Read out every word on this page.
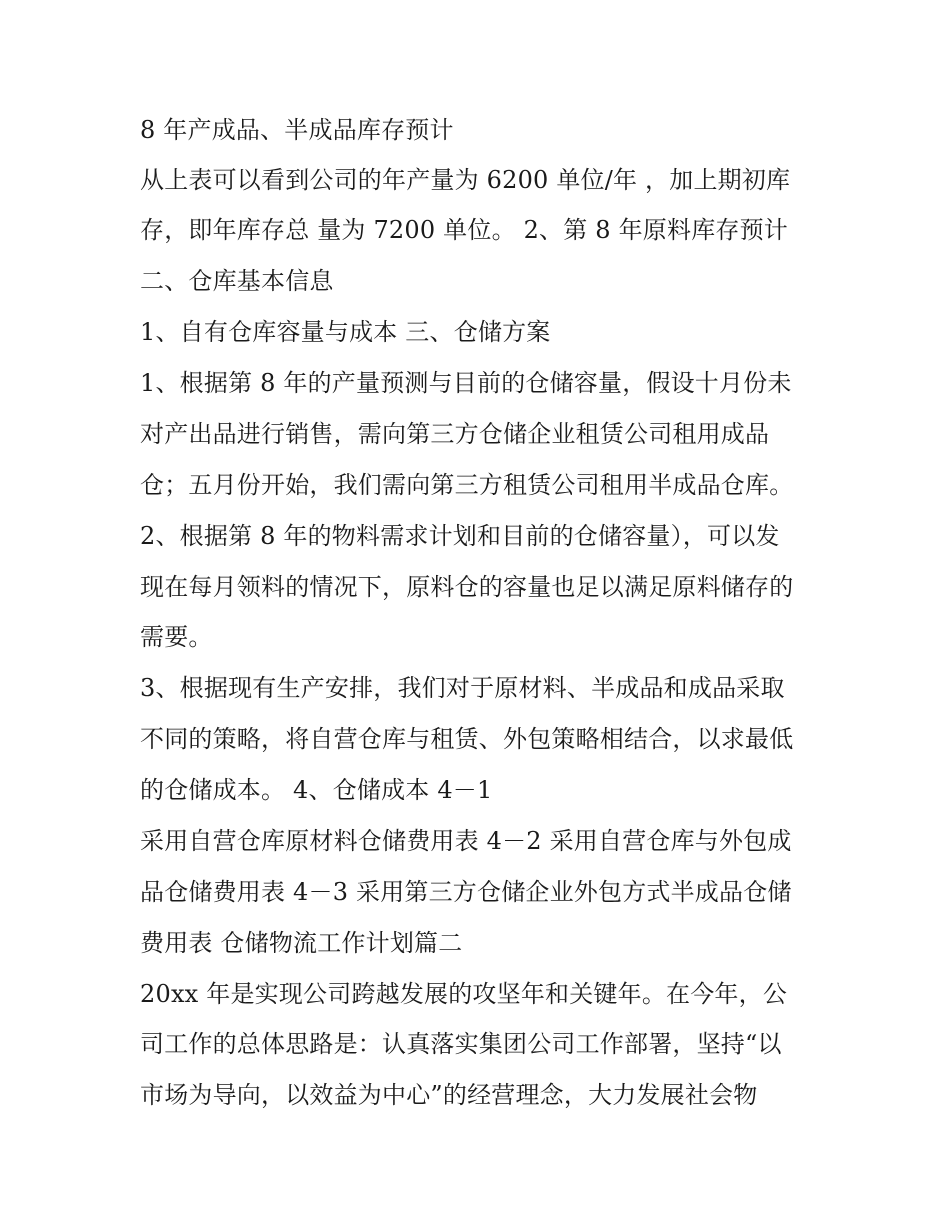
8 年产成品、半成品库存预计
从上表可以看到公司的年产量为 6200 单位/年 ，加上期初库
存，即年库存总 量为 7200 单位。 2、第 8 年原料库存预计
二、仓库基本信息
1、自有仓库容量与成本 三、仓储方案
1、根据第 8 年的产量预测与目前的仓储容量，假设十月份未
对产出品进行销售，需向第三方仓储企业租赁公司租用成品
仓；五月份开始，我们需向第三方租赁公司租用半成品仓库。
2、根据第 8 年的物料需求计划和目前的仓储容量），可以发
现在每月领料的情况下，原料仓的容量也足以满足原料储存的
需要。
3、根据现有生产安排，我们对于原材料、半成品和成品采取
不同的策略，将自营仓库与租赁、外包策略相结合，以求最低
的仓储成本。 4、仓储成本 4－1
采用自营仓库原材料仓储费用表 4－2 采用自营仓库与外包成
品仓储费用表 4－3 采用第三方仓储企业外包方式半成品仓储
费用表 仓储物流工作计划篇二
20xx 年是实现公司跨越发展的攻坚年和关键年。在今年，公
司工作的总体思路是：认真落实集团公司工作部署，坚持“以
市场为导向，以效益为中心”的经营理念，大力发展社会物
